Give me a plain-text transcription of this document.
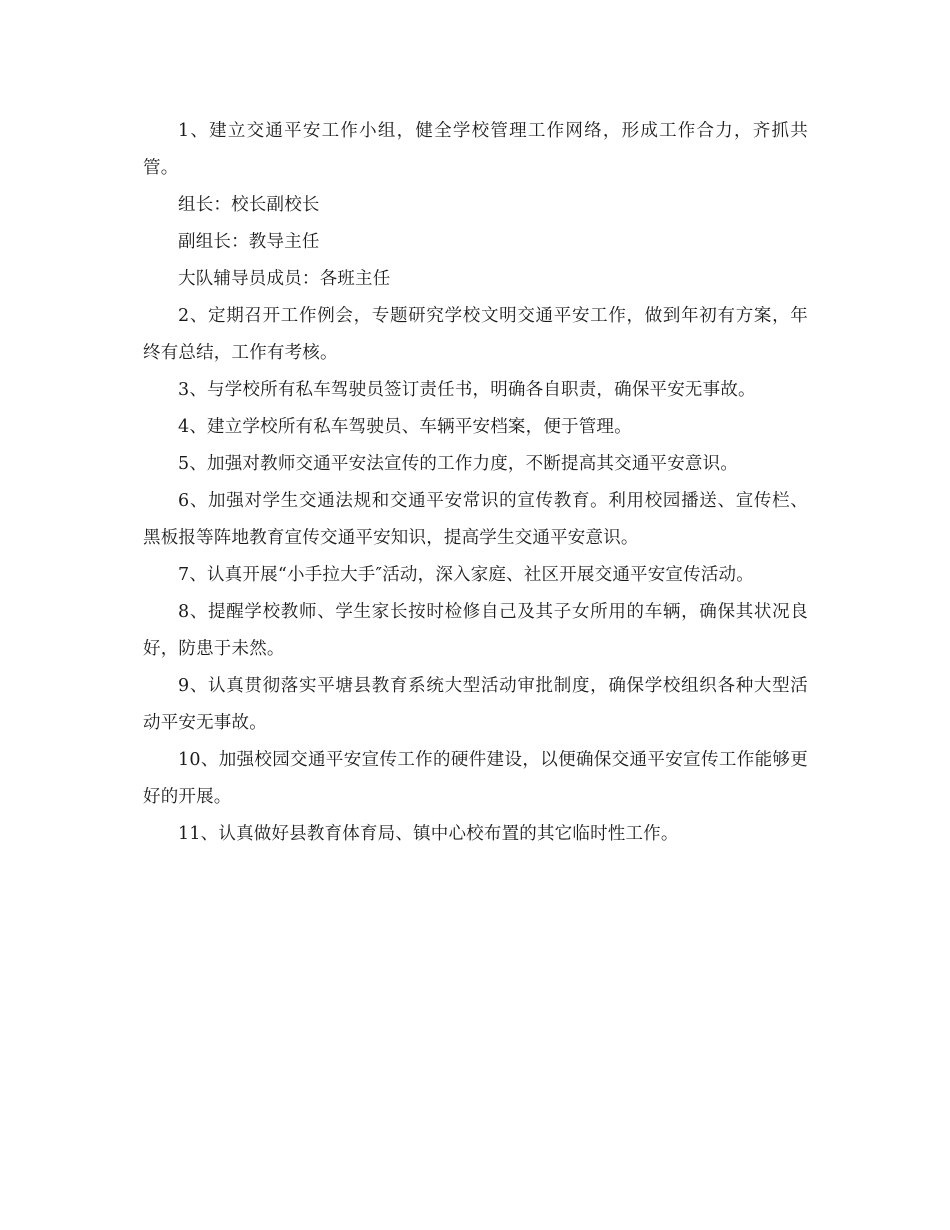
1、建立交通平安工作小组，健全学校管理工作网络，形成工作合力，齐抓共管。

组长：校长副校长

副组长：教导主任

大队辅导员成员：各班主任

2、定期召开工作例会，专题研究学校文明交通平安工作，做到年初有方案，年终有总结，工作有考核。

3、与学校所有私车驾驶员签订责任书，明确各自职责，确保平安无事故。

4、建立学校所有私车驾驶员、车辆平安档案，便于管理。

5、加强对教师交通平安法宣传的工作力度，不断提高其交通平安意识。

6、加强对学生交通法规和交通平安常识的宣传教育。利用校园播送、宣传栏、黑板报等阵地教育宣传交通平安知识，提高学生交通平安意识。

7、认真开展“小手拉大手″活动，深入家庭、社区开展交通平安宣传活动。

8、提醒学校教师、学生家长按时检修自己及其子女所用的车辆，确保其状况良好，防患于未然。

9、认真贯彻落实平塘县教育系统大型活动审批制度，确保学校组织各种大型活动平安无事故。

10、加强校园交通平安宣传工作的硬件建设，以便确保交通平安宣传工作能够更好的开展。

11、认真做好县教育体育局、镇中心校布置的其它临时性工作。
